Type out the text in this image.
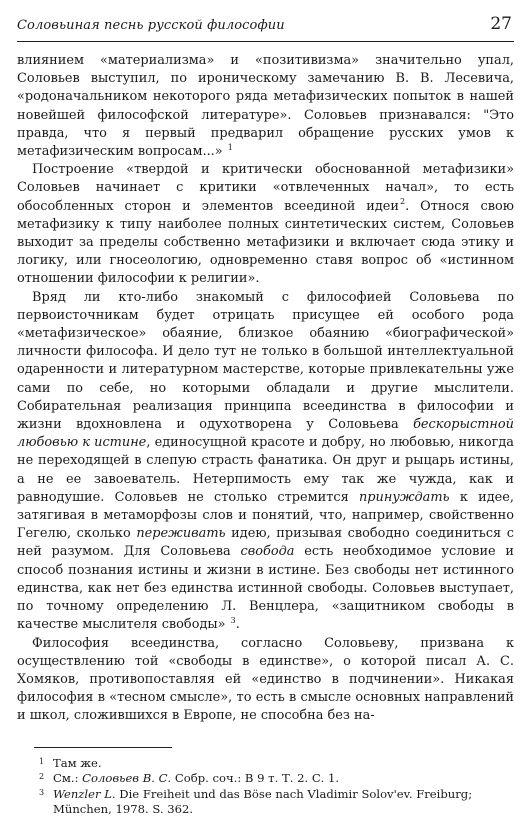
Соловьиная песнь русской философии	27

влиянием «материализма» и «позитивизма» значительно упал, Соловьев выступил, по ироническому замечанию В. В. Лесевича, «родоначальником некоторого ряда метафизических попыток в нашей новейшей философской литературе». Соловьев признавался: "Это правда, что я первый предварил обращение русских умов к метафизическим вопросам...» $^1$

Построение «твердой и критически обоснованной метафизики» Соловьев начинает с критики «отвлеченных начал», то есть обособленных сторон и элементов всеединой идеи$^2$. Относя свою метафизику к типу наиболее полных синтетических систем, Соловьев выходит за пределы собственно метафизики и включает сюда этику и логику, или гносеологию, одновременно ставя вопрос об «истинном отношении философии к религии».

Вряд ли кто-либо знакомый с философией Соловьева по первоисточникам будет отрицать присущее ей особого рода «метафизическое» обаяние, близкое обаянию «биографической» личности философа. И дело тут не только в большой интеллектуальной одаренности и литературном мастерстве, которые привлекательны уже сами по себе, но которыми обладали и другие мыслители. Собирательная реализация принципа всеединства в философии и жизни вдохновлена и одухотворена у Соловьева бескорыстной любовью к истине, единосущной красоте и добру, но любовью, никогда не переходящей в слепую страсть фанатика. Он друг и рыцарь истины, а не ее завоеватель. Нетерпимость ему так же чужда, как и равнодушие. Соловьев не столько стремится принуждать к идее, затягивая в метаморфозы слов и понятий, что, например, свойственно Гегелю, сколько переживать идею, призывая свободно соединиться с ней разумом. Для Соловьева свобода есть необходимое условие и способ познания истины и жизни в истине. Без свободы нет истинного единства, как нет без единства истинной свободы. Соловьев выступает, по точному определению Л. Венцлера, «защитником свободы в качестве мыслителя свободы» $^3$.

Философия всеединства, согласно Соловьеву, призвана к осуществлению той «свободы в единстве», о которой писал А. С. Хомяков, противопоставляя ей «единство в подчинении». Никакая философия в «тесном смысле», то есть в смысле основных направлений и школ, сложившихся в Европе, не способна без на-

1 Там же.
2 См.: Соловьев В. С. Собр. соч.: В 9 т. Т. 2. С. 1.
3 Wenzler L. Die Freiheit und das Böse nach Vladimir Solov'ev. Freiburg; München, 1978. S. 362.
